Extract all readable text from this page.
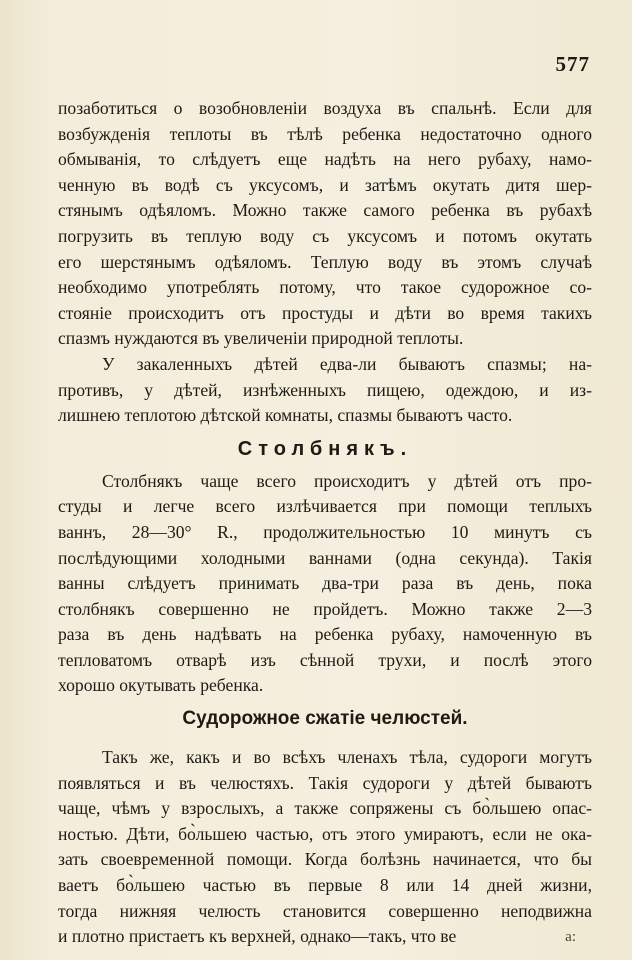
577
позаботиться о возобновленіи воздуха въ спальнѣ. Если для
возбужденія теплоты въ тѣлѣ ребенка недостаточно одного
обмыванія, то слѣдуетъ еще надѣть на него рубаху, намо-
ченную въ водѣ съ уксусомъ, и затѣмъ окутать дитя шер-
стянымъ одѣяломъ. Можно также самого ребенка въ рубахѣ
погрузить въ теплую воду съ уксусомъ и потомъ окутать
его шерстянымъ одѣяломъ. Теплую воду въ этомъ случаѣ
необходимо употреблять потому, что такое судорожное со-
стояніе происходитъ отъ простуды и дѣти во время такихъ
спазмъ нуждаются въ увеличеніи природной теплоты.
У закаленныхъ дѣтей едва-ли бываютъ спазмы; на-
противъ, у дѣтей, изнѣженныхъ пищею, одеждою, и из-
лишнею теплотою дѣтской комнаты, спазмы бываютъ часто.
Столбнякъ.
Столбнякъ чаще всего происходитъ у дѣтей отъ про-
студы и легче всего излѣчивается при помощи теплыхъ
ваннъ, 28—30° R., продолжительностью 10 минутъ съ
послѣдующими холодными ваннами (одна секунда). Такія
ванны слѣдуетъ принимать два-три раза въ день, пока
столбнякъ совершенно не пройдетъ. Можно также 2—3
раза въ день надѣвать на ребенка рубаху, намоченную въ
тепловатомъ отварѣ изъ сѣнной трухи, и послѣ этого
хорошо окутывать ребенка.
Судорожное сжатіе челюстей.
Такъ же, какъ и во всѣхъ членахъ тѣла, судороги могутъ
появляться и въ челюстяхъ. Такія судороги у дѣтей бываютъ
чаще, чѣмъ у взрослыхъ, а также сопряжены съ бо̀льшею опас-
ностью. Дѣти, бо̀льшею частью, отъ этого умираютъ, если не ока-
зать своевременной помощи. Когда болѣзнь начинается, что бы
ваетъ бо̀льшею частью въ первые 8 или 14 дней жизни,
тогда нижняя челюсть становится совершенно неподвижна
и плотно пристаетъ къ верхней, однако—такъ, что ве	а:
